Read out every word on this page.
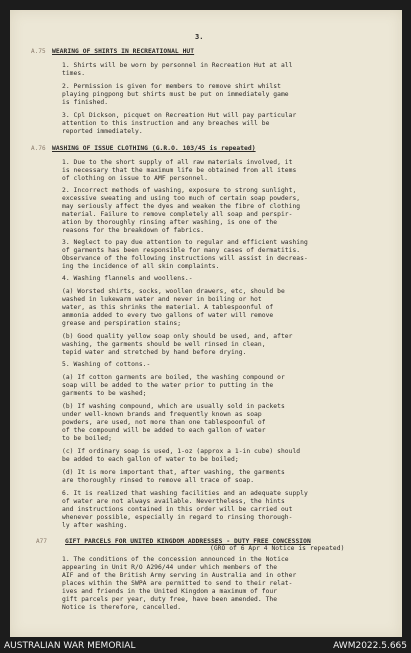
3.
A.75 WEARING OF SHIRTS IN RECREATIONAL HUT
1. Shirts will be worn by personnel in Recreation Hut at all
times.
2. Permission is given for members to remove shirt whilst
playing pingpong but shirts must be put on immediately game
is finished.
3. Cpl Dickson, picquet on Recreation Hut will pay particular
attention to this instruction and any breaches will be
reported immediately.
A.76 WASHING OF ISSUE CLOTHING (G.R.O. 103/45 is repeated)
1. Due to the short supply of all raw materials involved, it
is necessary that the maximum life be obtained from all items
of clothing on issue to AMF personnel.
2. Incorrect methods of washing, exposure to strong sunlight,
excessive sweating and using too much of certain soap powders,
may seriously affect the dyes and weaken the fibre of clothing
material. Failure to remove completely all soap and perspir-
ation by thoroughly rinsing after washing, is one of the
reasons for the breakdown of fabrics.
3. Neglect to pay due attention to regular and efficient washing
of garments has been responsible for many cases of dermatitis.
Observance of the following instructions will assist in decreas-
ing the incidence of all skin complaints.
4. Washing flannels and woollens.-
(a) Worsted shirts, socks, woollen drawers, etc, should be
washed in lukewarm water and never in boiling or hot
water, as this shrinks the material. A tablespoonful of
ammonia added to every two gallons of water will remove
grease and perspiration stains;
(b) Good quality yellow soap only should be used, and, after
washing, the garments should be well rinsed in clean,
tepid water and stretched by hand before drying.
5. Washing of cottons.-
(a) If cotton garments are boiled, the washing compound or
soap will be added to the water prior to putting in the
garments to be washed;
(b) If washing compound, which are usually sold in packets
under well-known brands and frequently known as soap
powders, are used, not more than one tablespoonful of
of the compound will be added to each gallon of water
to be boiled;
(c) If ordinary soap is used, 1-oz (approx a 1-in cube) should
be added to each gallon of water to be boiled;
(d) It is more important that, after washing, the garments
are thoroughly rinsed to remove all trace of soap.
6. It is realized that washing facilities and an adequate supply
of water are not always available. Nevertheless, the hints
and instructions contained in this order will be carried out
whenever possible, especially in regard to rinsing thorough-
ly after washing.
A77	GIFT PARCELS FOR UNITED KINGDOM ADDRESSES - DUTY FREE CONCESSION
(GRO of 6 Apr 4 Notice is repeated)
1. The conditions of the concession announced in the Notice
appearing in Unit R/O A296/44 under which members of the
AIF and of the British Army serving in Australia and in other
places within the SWPA are permitted to send to their relat-
ives and friends in the United Kingdom a maximum of four
gift parcels per year, duty free, have been amended. The
Notice is therefore, cancelled.
AUSTRALIAN WAR MEMORIAL	AWM2022.5.665
